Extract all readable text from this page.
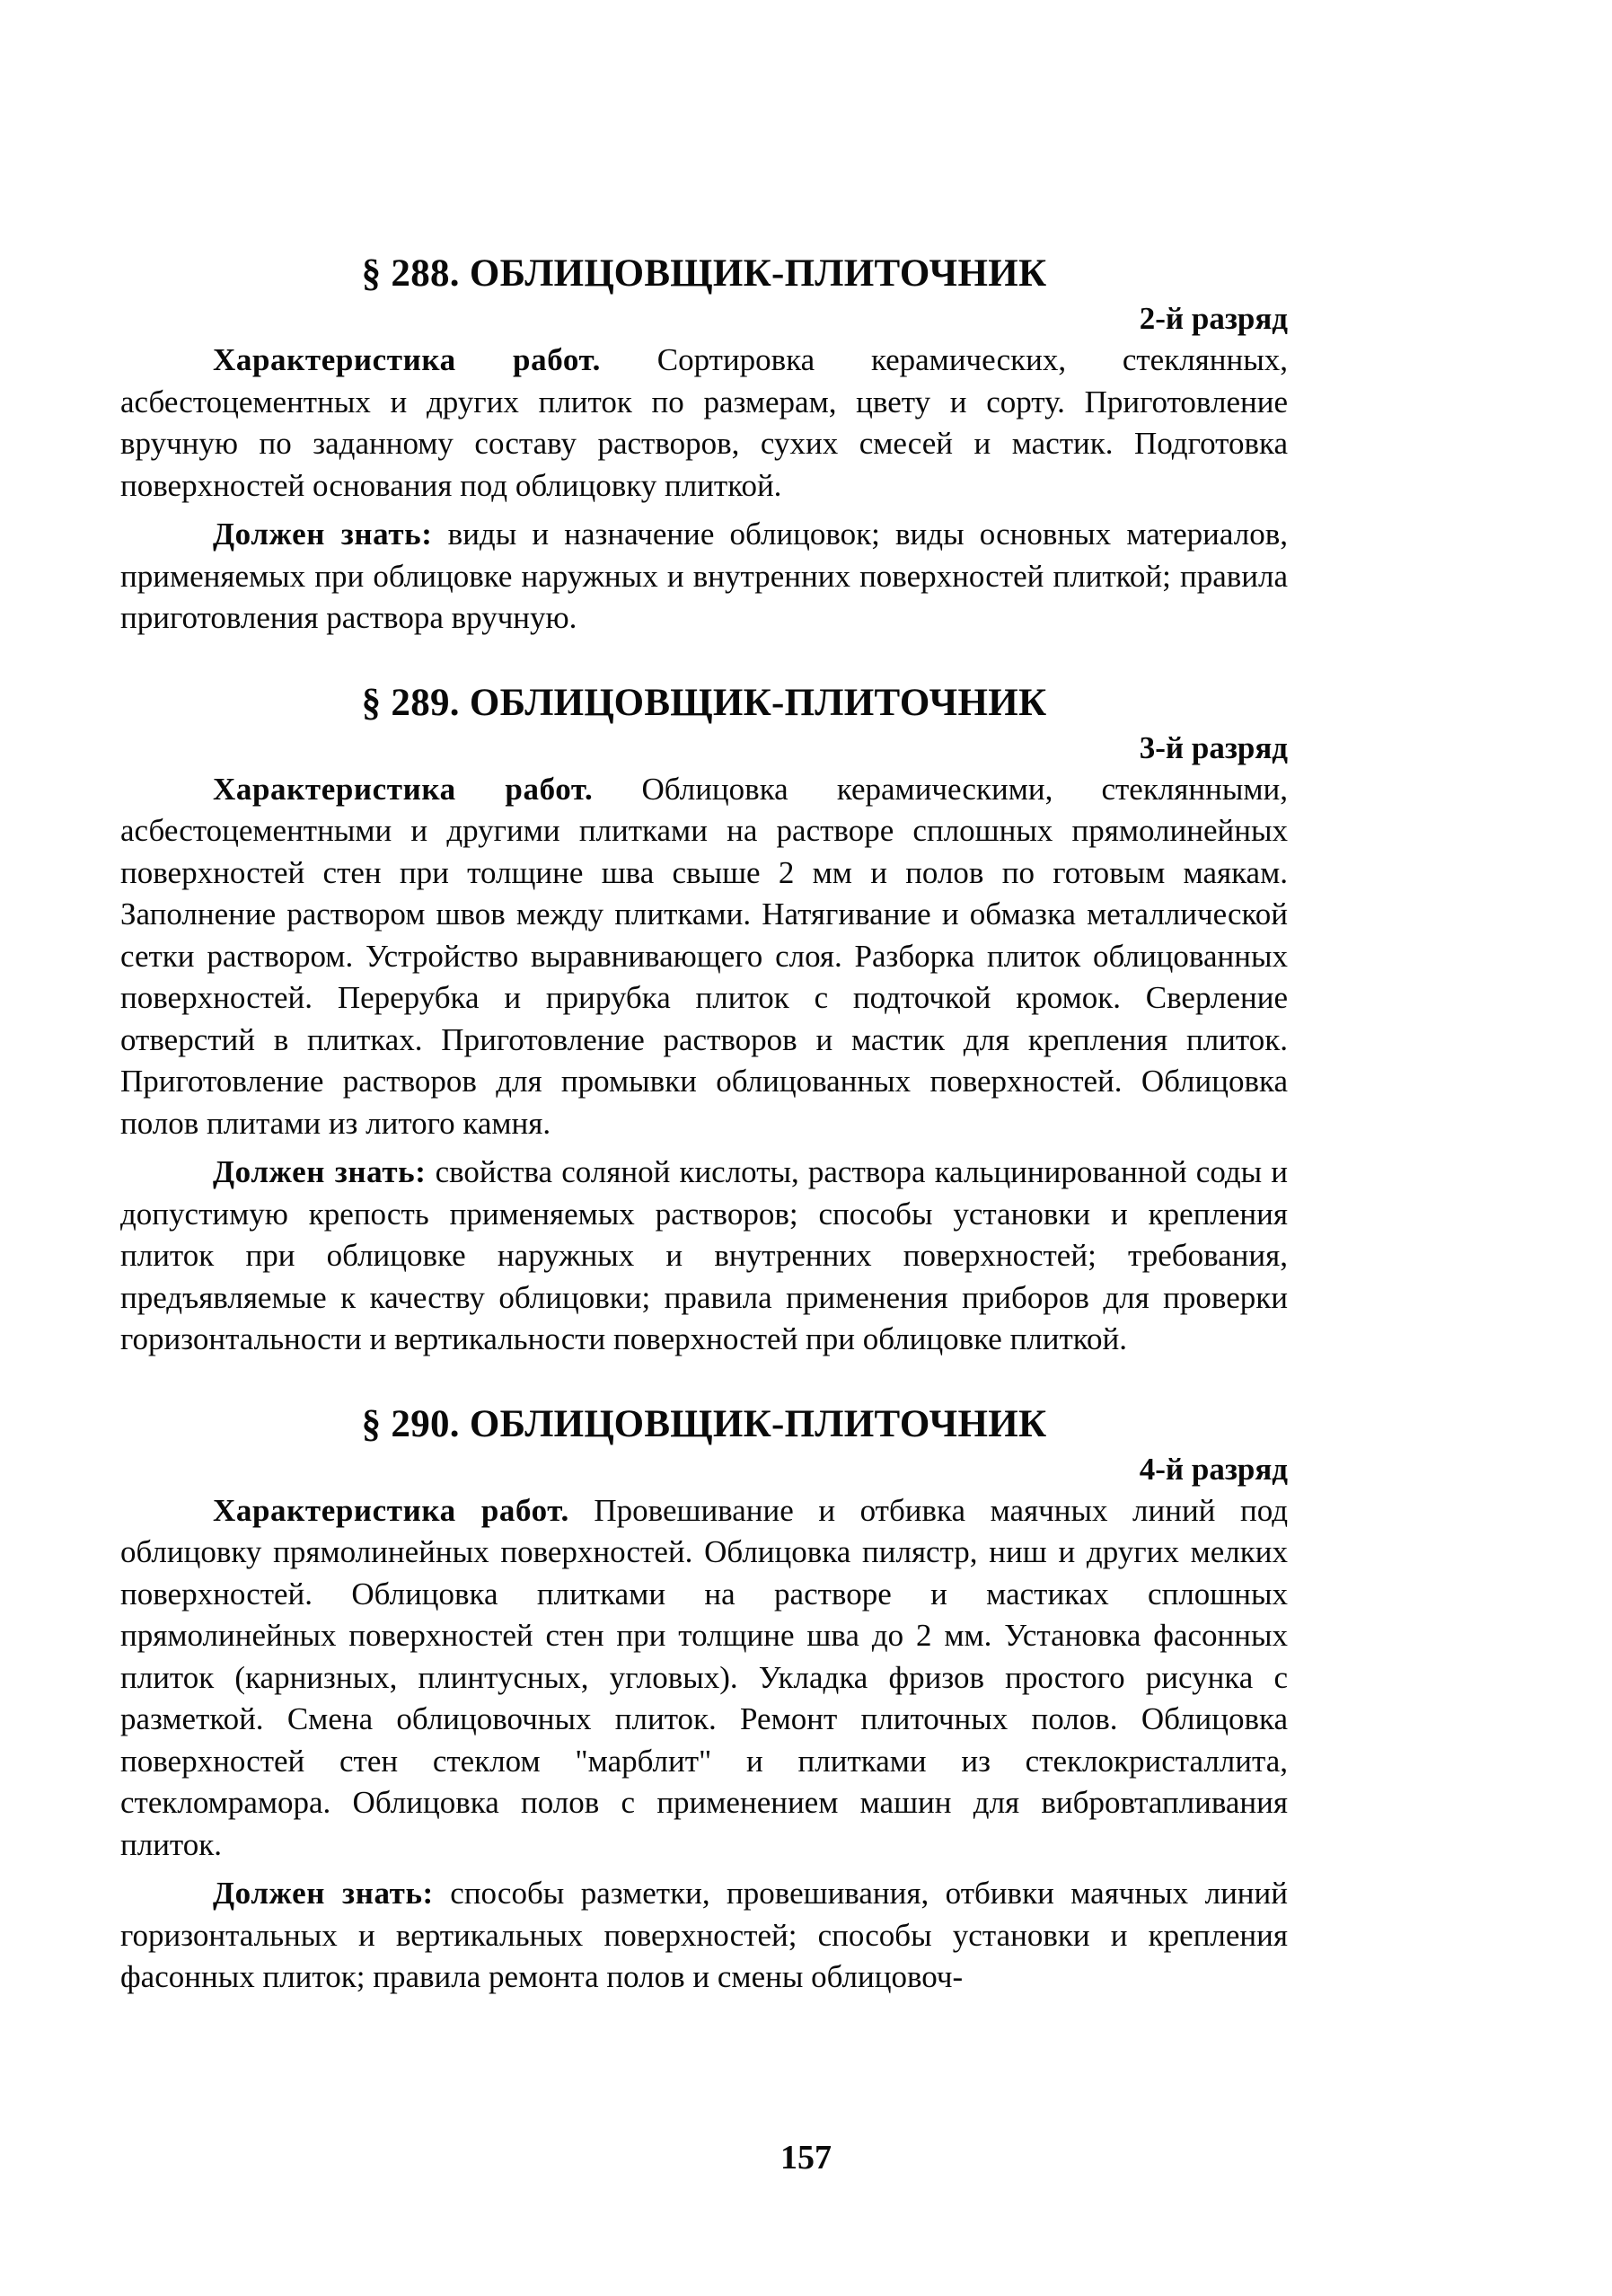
§ 288. ОБЛИЦОВЩИК-ПЛИТОЧНИК
2-й разряд

Характеристика работ. Сортировка керамических, стеклянных, асбестоцементных и других плиток по размерам, цвету и сорту. Приготовление вручную по заданному составу растворов, сухих смесей и мастик. Подготовка поверхностей основания под облицовку плиткой.

Должен знать: виды и назначение облицовок; виды основных материалов, применяемых при облицовке наружных и внутренних поверхностей плиткой; правила приготовления раствора вручную.

§ 289. ОБЛИЦОВЩИК-ПЛИТОЧНИК
3-й разряд

Характеристика работ. Облицовка керамическими, стеклянными, асбестоцементными и другими плитками на растворе сплошных прямолинейных поверхностей стен при толщине шва свыше 2 мм и полов по готовым маякам. Заполнение раствором швов между плитками. Натягивание и обмазка металлической сетки раствором. Устройство выравнивающего слоя. Разборка плиток облицованных поверхностей. Перерубка и прирубка плиток с подточкой кромок. Сверление отверстий в плитках. Приготовление растворов и мастик для крепления плиток. Приготовление растворов для промывки облицованных поверхностей. Облицовка полов плитами из литого камня.

Должен знать: свойства соляной кислоты, раствора кальцинированной соды и допустимую крепость применяемых растворов; способы установки и крепления плиток при облицовке наружных и внутренних поверхностей; требования, предъявляемые к качеству облицовки; правила применения приборов для проверки горизонтальности и вертикальности поверхностей при облицовке плиткой.

§ 290. ОБЛИЦОВЩИК-ПЛИТОЧНИК
4-й разряд

Характеристика работ. Провешивание и отбивка маячных линий под облицовку прямолинейных поверхностей. Облицовка пилястр, ниш и других мелких поверхностей. Облицовка плитками на растворе и мастиках сплошных прямолинейных поверхностей стен при толщине шва до 2 мм. Установка фасонных плиток (карнизных, плинтусных, угловых). Укладка фризов простого рисунка с разметкой. Смена облицовочных плиток. Ремонт плиточных полов. Облицовка поверхностей стен стеклом "марблит" и плитками из стеклокристаллита, стекломрамора. Облицовка полов с применением машин для вибровтапливания плиток.

Должен знать: способы разметки, провешивания, отбивки маячных линий горизонтальных и вертикальных поверхностей; способы установки и крепления фасонных плиток; правила ремонта полов и смены облицовоч-

157
